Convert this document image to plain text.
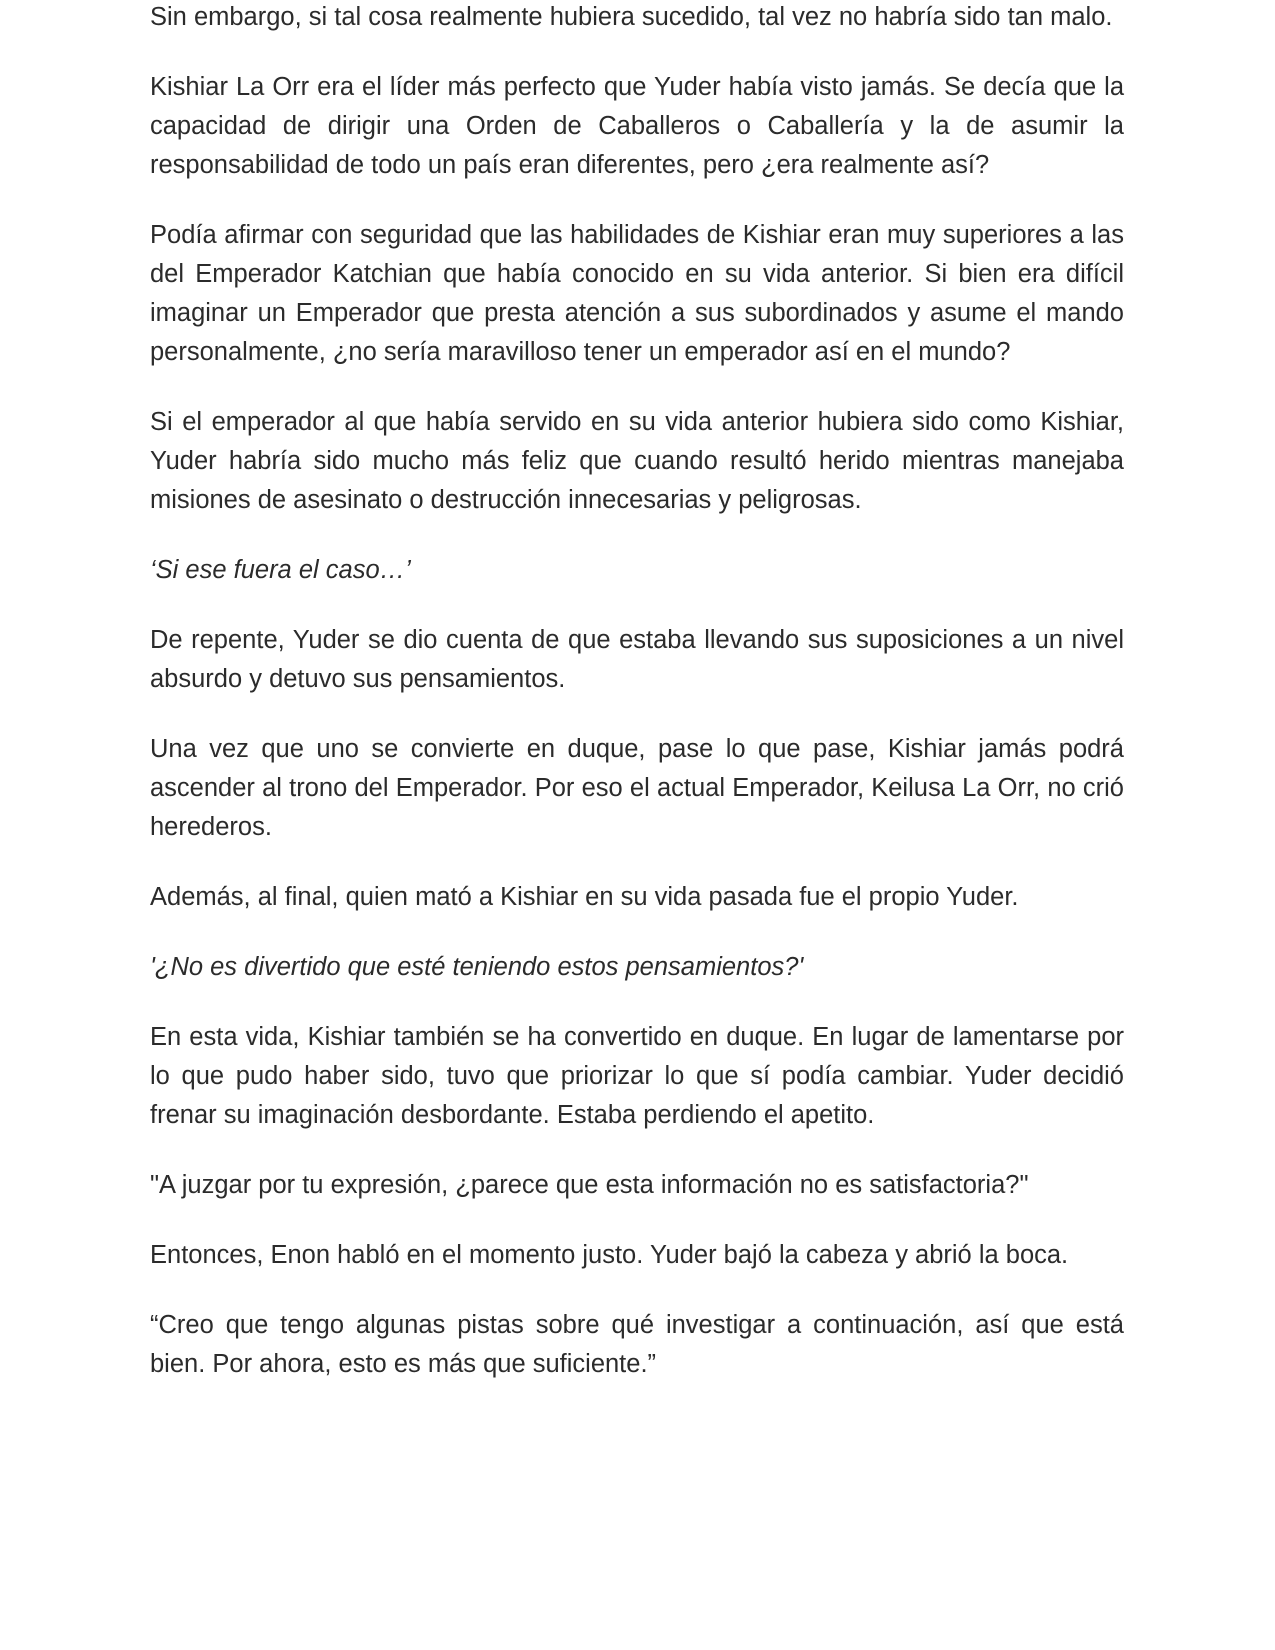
Sin embargo, si tal cosa realmente hubiera sucedido, tal vez no habría sido tan malo.

Kishiar La Orr era el líder más perfecto que Yuder había visto jamás. Se decía que la capacidad de dirigir una Orden de Caballeros o Caballería y la de asumir la responsabilidad de todo un país eran diferentes, pero ¿era realmente así?

Podía afirmar con seguridad que las habilidades de Kishiar eran muy superiores a las del Emperador Katchian que había conocido en su vida anterior. Si bien era difícil imaginar un Emperador que presta atención a sus subordinados y asume el mando personalmente, ¿no sería maravilloso tener un emperador así en el mundo?

Si el emperador al que había servido en su vida anterior hubiera sido como Kishiar, Yuder habría sido mucho más feliz que cuando resultó herido mientras manejaba misiones de asesinato o destrucción innecesarias y peligrosas.

‘Si ese fuera el caso…’

De repente, Yuder se dio cuenta de que estaba llevando sus suposiciones a un nivel absurdo y detuvo sus pensamientos.

Una vez que uno se convierte en duque, pase lo que pase, Kishiar jamás podrá ascender al trono del Emperador. Por eso el actual Emperador, Keilusa La Orr, no crió herederos.

Además, al final, quien mató a Kishiar en su vida pasada fue el propio Yuder.

'¿No es divertido que esté teniendo estos pensamientos?'

En esta vida, Kishiar también se ha convertido en duque. En lugar de lamentarse por lo que pudo haber sido, tuvo que priorizar lo que sí podía cambiar. Yuder decidió frenar su imaginación desbordante. Estaba perdiendo el apetito.

"A juzgar por tu expresión, ¿parece que esta información no es satisfactoria?"

Entonces, Enon habló en el momento justo. Yuder bajó la cabeza y abrió la boca.

“Creo que tengo algunas pistas sobre qué investigar a continuación, así que está bien. Por ahora, esto es más que suficiente.”
